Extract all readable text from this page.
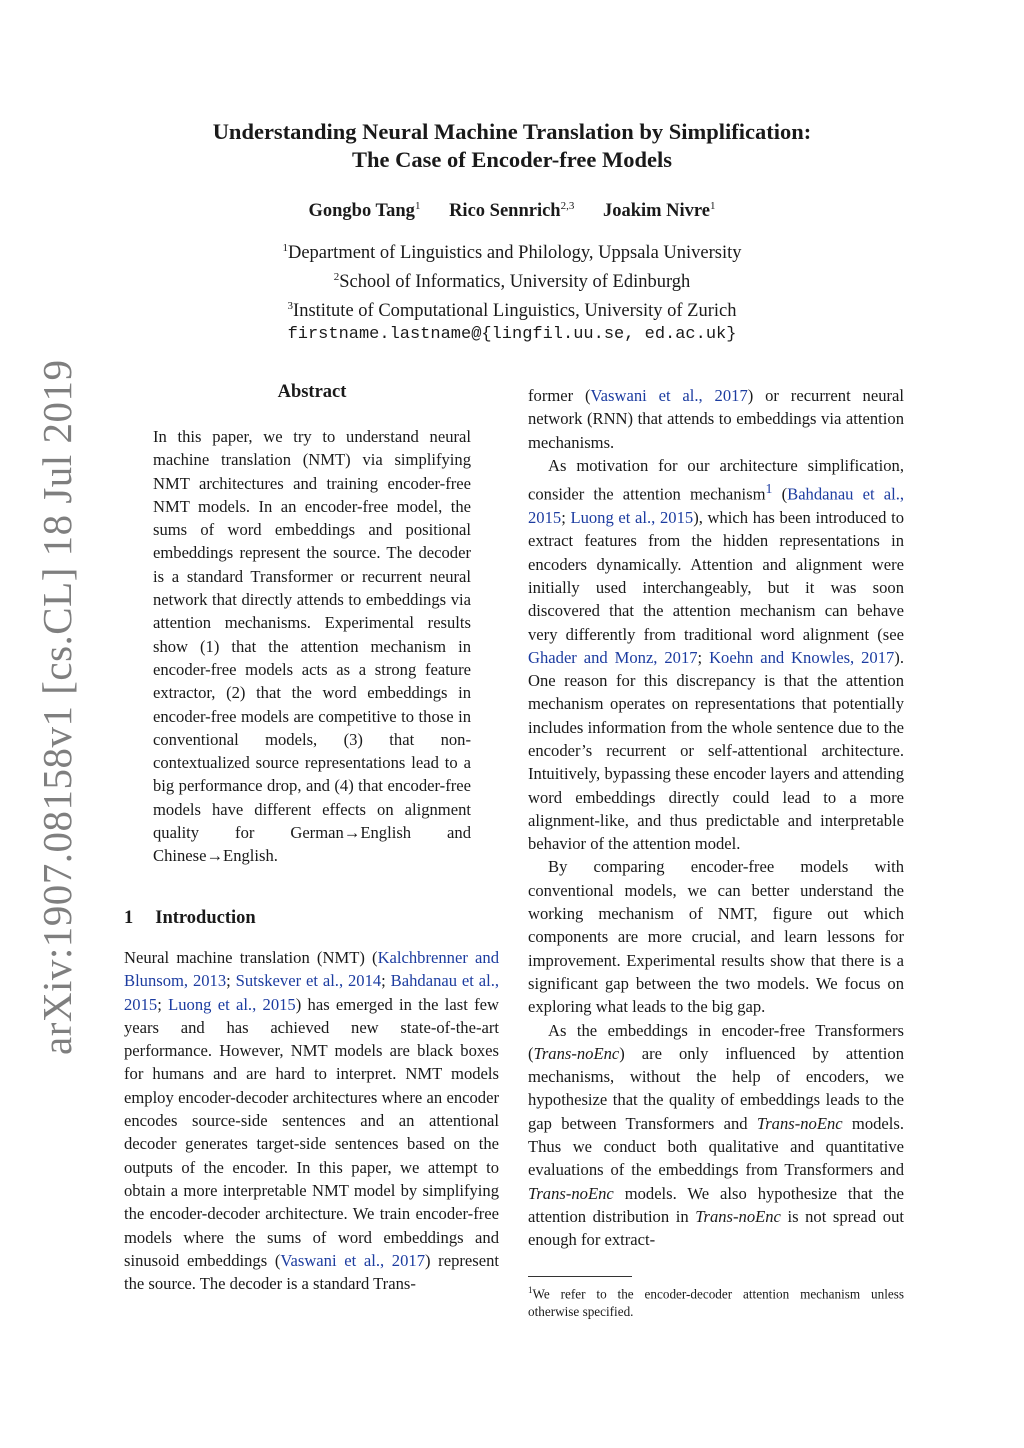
Understanding Neural Machine Translation by Simplification:
The Case of Encoder-free Models
Gongbo Tang$^1$ Rico Sennrich$^{2,3}$ Joakim Nivre$^1$
$^1$Department of Linguistics and Philology, Uppsala University
$^2$School of Informatics, University of Edinburgh
$^3$Institute of Computational Linguistics, University of Zurich
firstname.lastname@{lingfil.uu.se, ed.ac.uk}
arXiv:1907.08158v1 [cs.CL] 18 Jul 2019	Abstract

In this paper, we try to understand neural machine translation (NMT) via simplifying NMT architectures and training encoder-free NMT models. In an encoder-free model, the sums of word embeddings and positional embeddings represent the source. The decoder is a standard Transformer or recurrent neural network that directly attends to embeddings via attention mechanisms. Experimental results show (1) that the attention mechanism in encoder-free models acts as a strong feature extractor, (2) that the word embeddings in encoder-free models are competitive to those in conventional models, (3) that non-contextualized source representations lead to a big performance drop, and (4) that encoder-free models have different effects on alignment quality for German→English and Chinese→English.

1 Introduction

Neural machine translation (NMT) (Kalchbrenner and Blunsom, 2013; Sutskever et al., 2014; Bahdanau et al., 2015; Luong et al., 2015) has emerged in the last few years and has achieved new state-of-the-art performance. However, NMT models are black boxes for humans and are hard to interpret. NMT models employ encoder-decoder architectures where an encoder encodes source-side sentences and an attentional decoder generates target-side sentences based on the outputs of the encoder. In this paper, we attempt to obtain a more interpretable NMT model by simplifying the encoder-decoder architecture. We train encoder-free models where the sums of word embeddings and sinusoid embeddings (Vaswani et al., 2017) represent the source. The decoder is a standard Trans-

former (Vaswani et al., 2017) or recurrent neural network (RNN) that attends to embeddings via attention mechanisms.

As motivation for our architecture simplification, consider the attention mechanism$^1$ (Bahdanau et al., 2015; Luong et al., 2015), which has been introduced to extract features from the hidden representations in encoders dynamically. Attention and alignment were initially used interchangeably, but it was soon discovered that the attention mechanism can behave very differently from traditional word alignment (see Ghader and Monz, 2017; Koehn and Knowles, 2017). One reason for this discrepancy is that the attention mechanism operates on representations that potentially includes information from the whole sentence due to the encoder’s recurrent or self-attentional architecture. Intuitively, bypassing these encoder layers and attending word embeddings directly could lead to a more alignment-like, and thus predictable and interpretable behavior of the attention model.

By comparing encoder-free models with conventional models, we can better understand the working mechanism of NMT, figure out which components are more crucial, and learn lessons for improvement. Experimental results show that there is a significant gap between the two models. We focus on exploring what leads to the big gap.

As the embeddings in encoder-free Transformers (Trans-noEnc) are only influenced by attention mechanisms, without the help of encoders, we hypothesize that the quality of embeddings leads to the gap between Transformers and Trans-noEnc models. Thus we conduct both qualitative and quantitative evaluations of the embeddings from Transformers and Trans-noEnc models. We also hypothesize that the attention distribution in Trans-noEnc is not spread out enough for extract-

$^1$We refer to the encoder-decoder attention mechanism unless otherwise specified.
